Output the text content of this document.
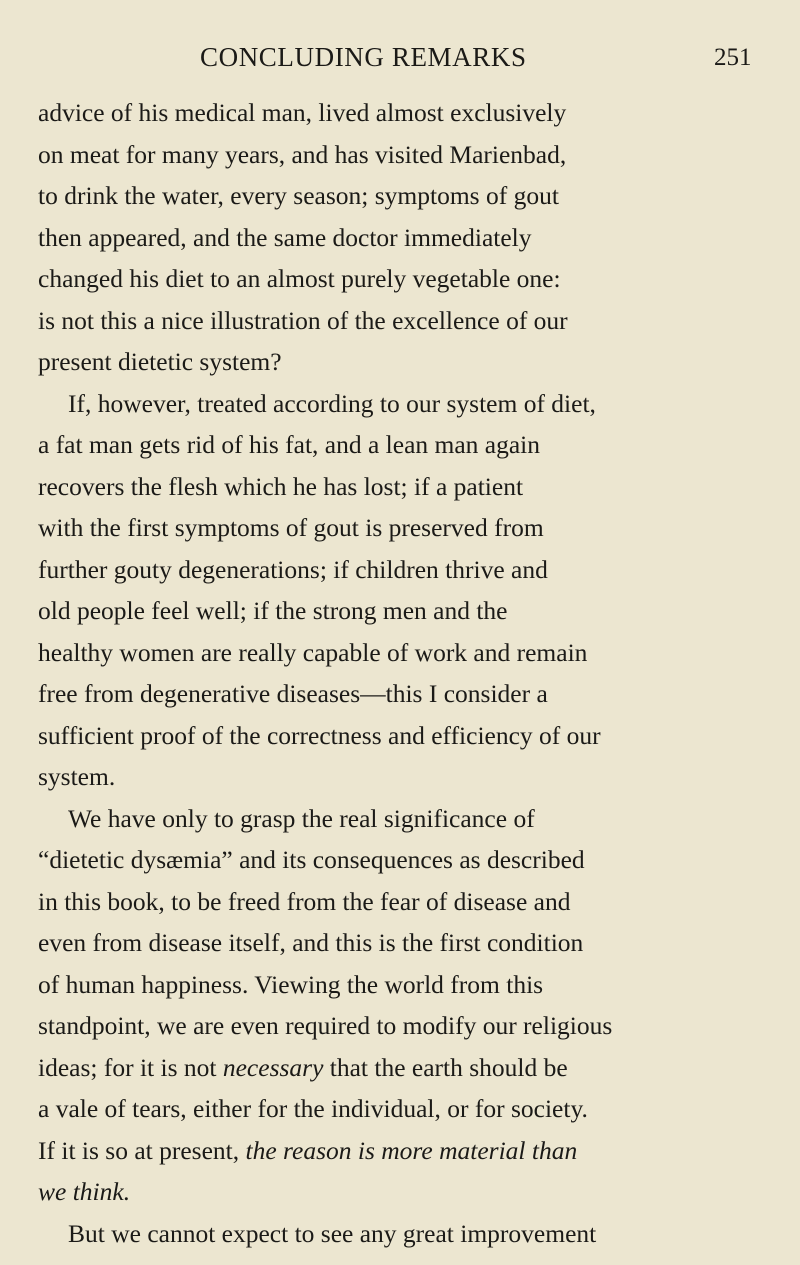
CONCLUDING REMARKS	251
advice of his medical man, lived almost exclusively
on meat for many years, and has visited Marienbad,
to drink the water, every season; symptoms of gout
then appeared, and the same doctor immediately
changed his diet to an almost purely vegetable one:
is not this a nice illustration of the excellence of our
present dietetic system?
If, however, treated according to our system of diet,
a fat man gets rid of his fat, and a lean man again
recovers the flesh which he has lost; if a patient
with the first symptoms of gout is preserved from
further gouty degenerations; if children thrive and
old people feel well; if the strong men and the
healthy women are really capable of work and remain
free from degenerative diseases—this I consider a
sufficient proof of the correctness and efficiency of our
system.
We have only to grasp the real significance of
“dietetic dysæmia” and its consequences as described
in this book, to be freed from the fear of disease and
even from disease itself, and this is the first condition
of human happiness. Viewing the world from this
standpoint, we are even required to modify our religious
ideas; for it is not necessary that the earth should be
a vale of tears, either for the individual, or for society.
If it is so at present, the reason is more material than
we think.
But we cannot expect to see any great improvement
